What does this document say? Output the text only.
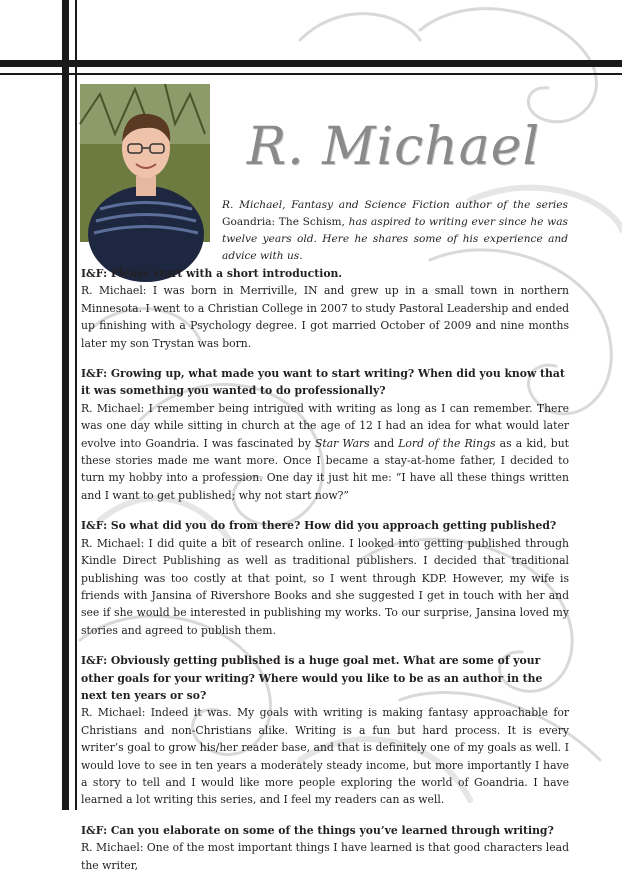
R. Michael

R. Michael, Fantasy and Science Fiction author of the series Goandria: The Schism, has aspired to writing ever since he was twelve years old. Here he shares some of his experience and advice with us.

I&F: Please start with a short introduction.

R. Michael: I was born in Merriville, IN and grew up in a small town in northern Minnesota. I went to a Christian College in 2007 to study Pastoral Leadership and ended up finishing with a Psychology degree. I got married October of 2009 and nine months later my son Trystan was born.

I&F: Growing up, what made you want to start writing? When did you know that it was something you wanted to do professionally?

R. Michael: I remember being intrigued with writing as long as I can remember. There was one day while sitting in church at the age of 12 I had an idea for what would later evolve into Goandria. I was fascinated by Star Wars and Lord of the Rings as a kid, but these stories made me want more. Once I became a stay-at-home father, I decided to turn my hobby into a profession. One day it just hit me: “I have all these things written and I want to get published; why not start now?”

I&F: So what did you do from there? How did you approach getting published?

R. Michael: I did quite a bit of research online. I looked into getting published through Kindle Direct Publishing as well as traditional publishers. I decided that traditional publishing was too costly at that point, so I went through KDP. However, my wife is friends with Jansina of Rivershore Books and she suggested I get in touch with her and see if she would be interested in publishing my works. To our surprise, Jansina loved my stories and agreed to publish them.

I&F: Obviously getting published is a huge goal met. What are some of your other goals for your writing? Where would you like to be as an author in the next ten years or so?

R. Michael: Indeed it was. My goals with writing is making fantasy approachable for Christians and non-Christians alike. Writing is a fun but hard process. It is every writer’s goal to grow his/her reader base, and that is definitely one of my goals as well. I would love to see in ten years a moderately steady income, but more importantly I have a story to tell and I would like more people exploring the world of Goandria. I have learned a lot writing this series, and I feel my readers can as well.

I&F: Can you elaborate on some of the things you’ve learned through writing?

R. Michael: One of the most important things I have learned is that good characters lead the writer,
